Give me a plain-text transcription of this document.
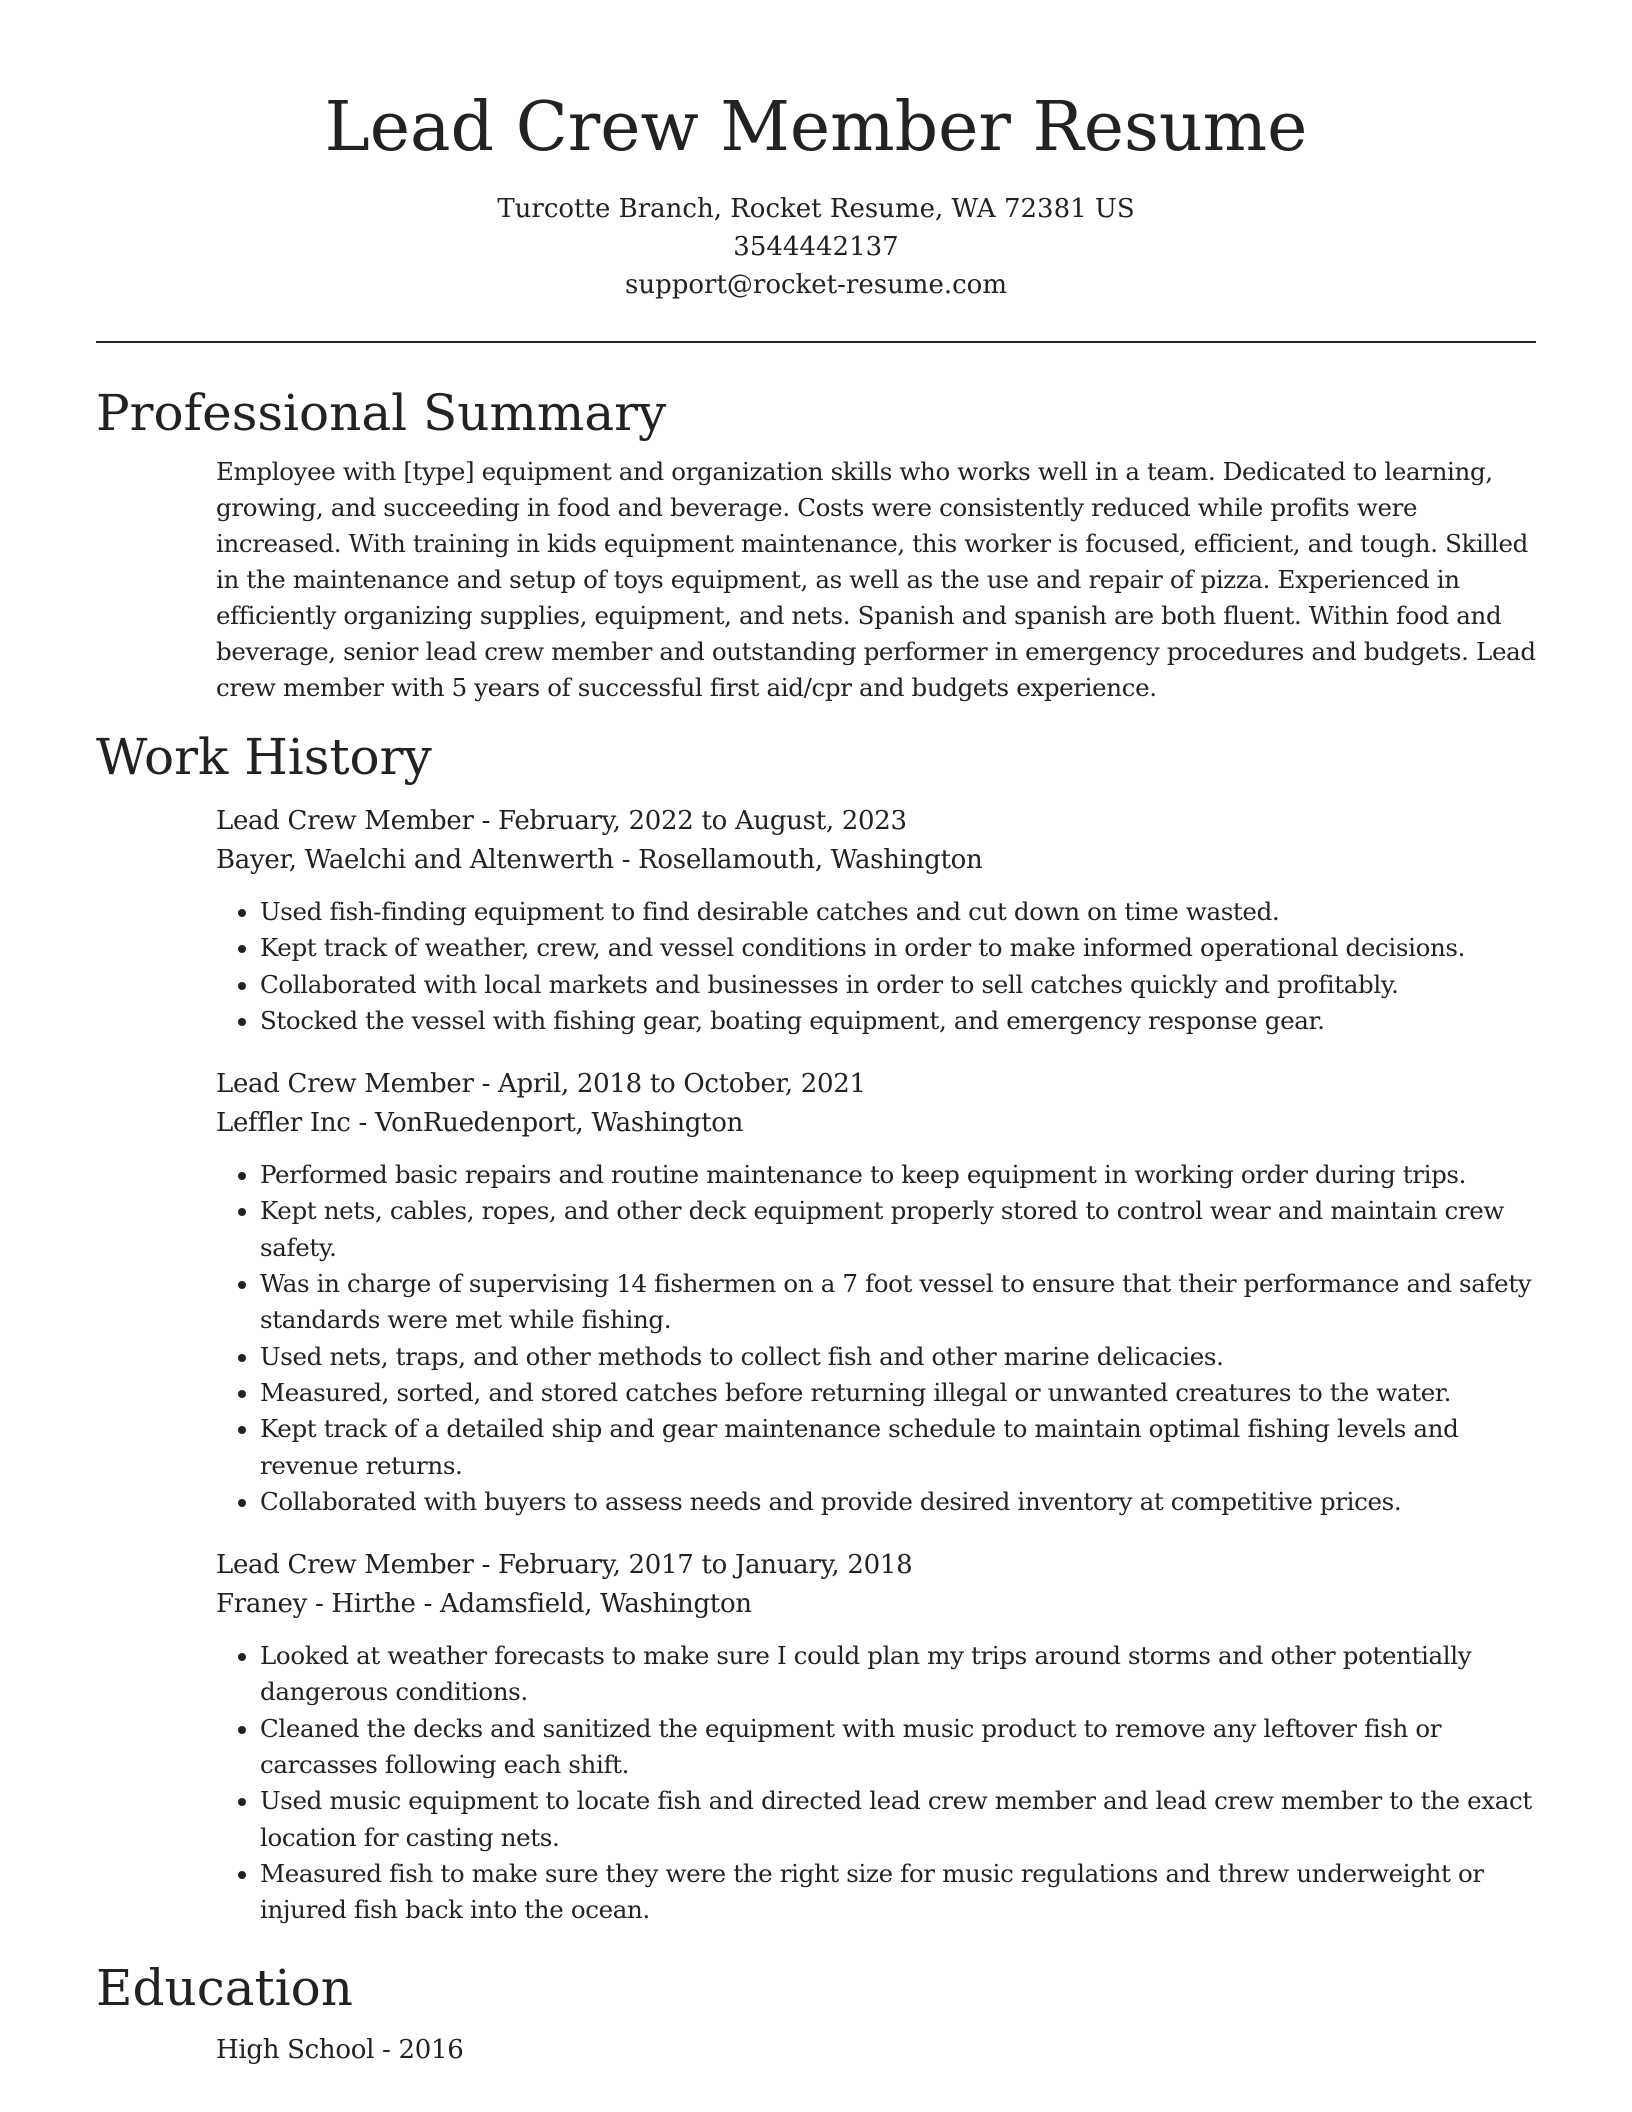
Lead Crew Member Resume
Turcotte Branch, Rocket Resume, WA 72381 US
3544442137
support@rocket-resume.com
Professional Summary

Employee with [type] equipment and organization skills who works well in a team. Dedicated to learning, growing, and succeeding in food and beverage. Costs were consistently reduced while profits were increased. With training in kids equipment maintenance, this worker is focused, efficient, and tough. Skilled in the maintenance and setup of toys equipment, as well as the use and repair of pizza. Experienced in efficiently organizing supplies, equipment, and nets. Spanish and spanish are both fluent. Within food and beverage, senior lead crew member and outstanding performer in emergency procedures and budgets. Lead crew member with 5 years of successful first aid/cpr and budgets experience.

Work History
Lead Crew Member - February, 2022 to August, 2023
Bayer, Waelchi and Altenwerth - Rosellamouth, Washington
• Used fish-finding equipment to find desirable catches and cut down on time wasted.
• Kept track of weather, crew, and vessel conditions in order to make informed operational decisions.
• Collaborated with local markets and businesses in order to sell catches quickly and profitably.
• Stocked the vessel with fishing gear, boating equipment, and emergency response gear.
Lead Crew Member - April, 2018 to October, 2021
Leffler Inc - VonRuedenport, Washington
• Performed basic repairs and routine maintenance to keep equipment in working order during trips.
• Kept nets, cables, ropes, and other deck equipment properly stored to control wear and maintain crew safety.
• Was in charge of supervising 14 fishermen on a 7 foot vessel to ensure that their performance and safety standards were met while fishing.
• Used nets, traps, and other methods to collect fish and other marine delicacies.
• Measured, sorted, and stored catches before returning illegal or unwanted creatures to the water.
• Kept track of a detailed ship and gear maintenance schedule to maintain optimal fishing levels and revenue returns.
• Collaborated with buyers to assess needs and provide desired inventory at competitive prices.
Lead Crew Member - February, 2017 to January, 2018
Franey - Hirthe - Adamsfield, Washington
• Looked at weather forecasts to make sure I could plan my trips around storms and other potentially dangerous conditions.
• Cleaned the decks and sanitized the equipment with music product to remove any leftover fish or carcasses following each shift.
• Used music equipment to locate fish and directed lead crew member and lead crew member to the exact location for casting nets.
• Measured fish to make sure they were the right size for music regulations and threw underweight or injured fish back into the ocean.
Education
High School - 2016
